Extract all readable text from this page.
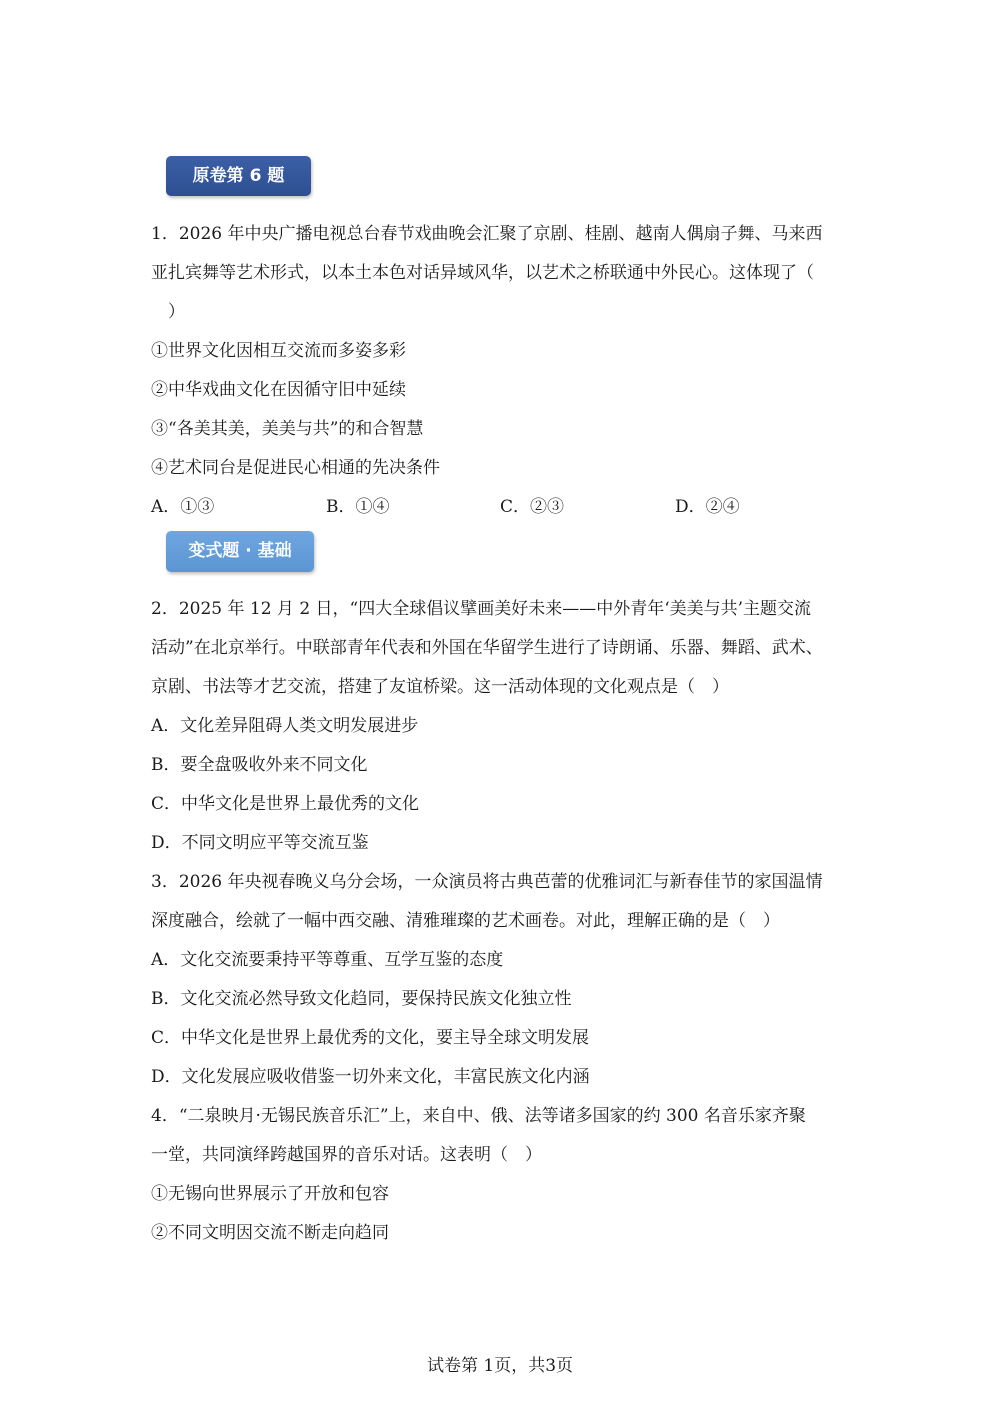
原卷第 6 题
1．2026 年中央广播电视总台春节戏曲晚会汇聚了京剧、桂剧、越南人偶扇子舞、马来西
亚扎宾舞等艺术形式，以本土本色对话异域风华，以艺术之桥联通中外民心。这体现了（
　）
①世界文化因相互交流而多姿多彩
②中华戏曲文化在因循守旧中延续
③“各美其美，美美与共”的和合智慧
④艺术同台是促进民心相通的先决条件
A．①③	B．①④	C．②③	D．②④
变式题 · 基础
2．2025 年 12 月 2 日，“四大全球倡议擘画美好未来——中外青年‘美美与共’主题交流
活动”在北京举行。中联部青年代表和外国在华留学生进行了诗朗诵、乐器、舞蹈、武术、
京剧、书法等才艺交流，搭建了友谊桥梁。这一活动体现的文化观点是（　）
A．文化差异阻碍人类文明发展进步
B．要全盘吸收外来不同文化
C．中华文化是世界上最优秀的文化
D．不同文明应平等交流互鉴
3．2026 年央视春晚义乌分会场，一众演员将古典芭蕾的优雅词汇与新春佳节的家国温情
深度融合，绘就了一幅中西交融、清雅璀璨的艺术画卷。对此，理解正确的是（　）
A．文化交流要秉持平等尊重、互学互鉴的态度
B．文化交流必然导致文化趋同，要保持民族文化独立性
C．中华文化是世界上最优秀的文化，要主导全球文明发展
D．文化发展应吸收借鉴一切外来文化，丰富民族文化内涵
4．“二泉映月·无锡民族音乐汇”上，来自中、俄、法等诸多国家的约 300 名音乐家齐聚
一堂，共同演绎跨越国界的音乐对话。这表明（　）
①无锡向世界展示了开放和包容
②不同文明因交流不断走向趋同
试卷第 1页，共3页
